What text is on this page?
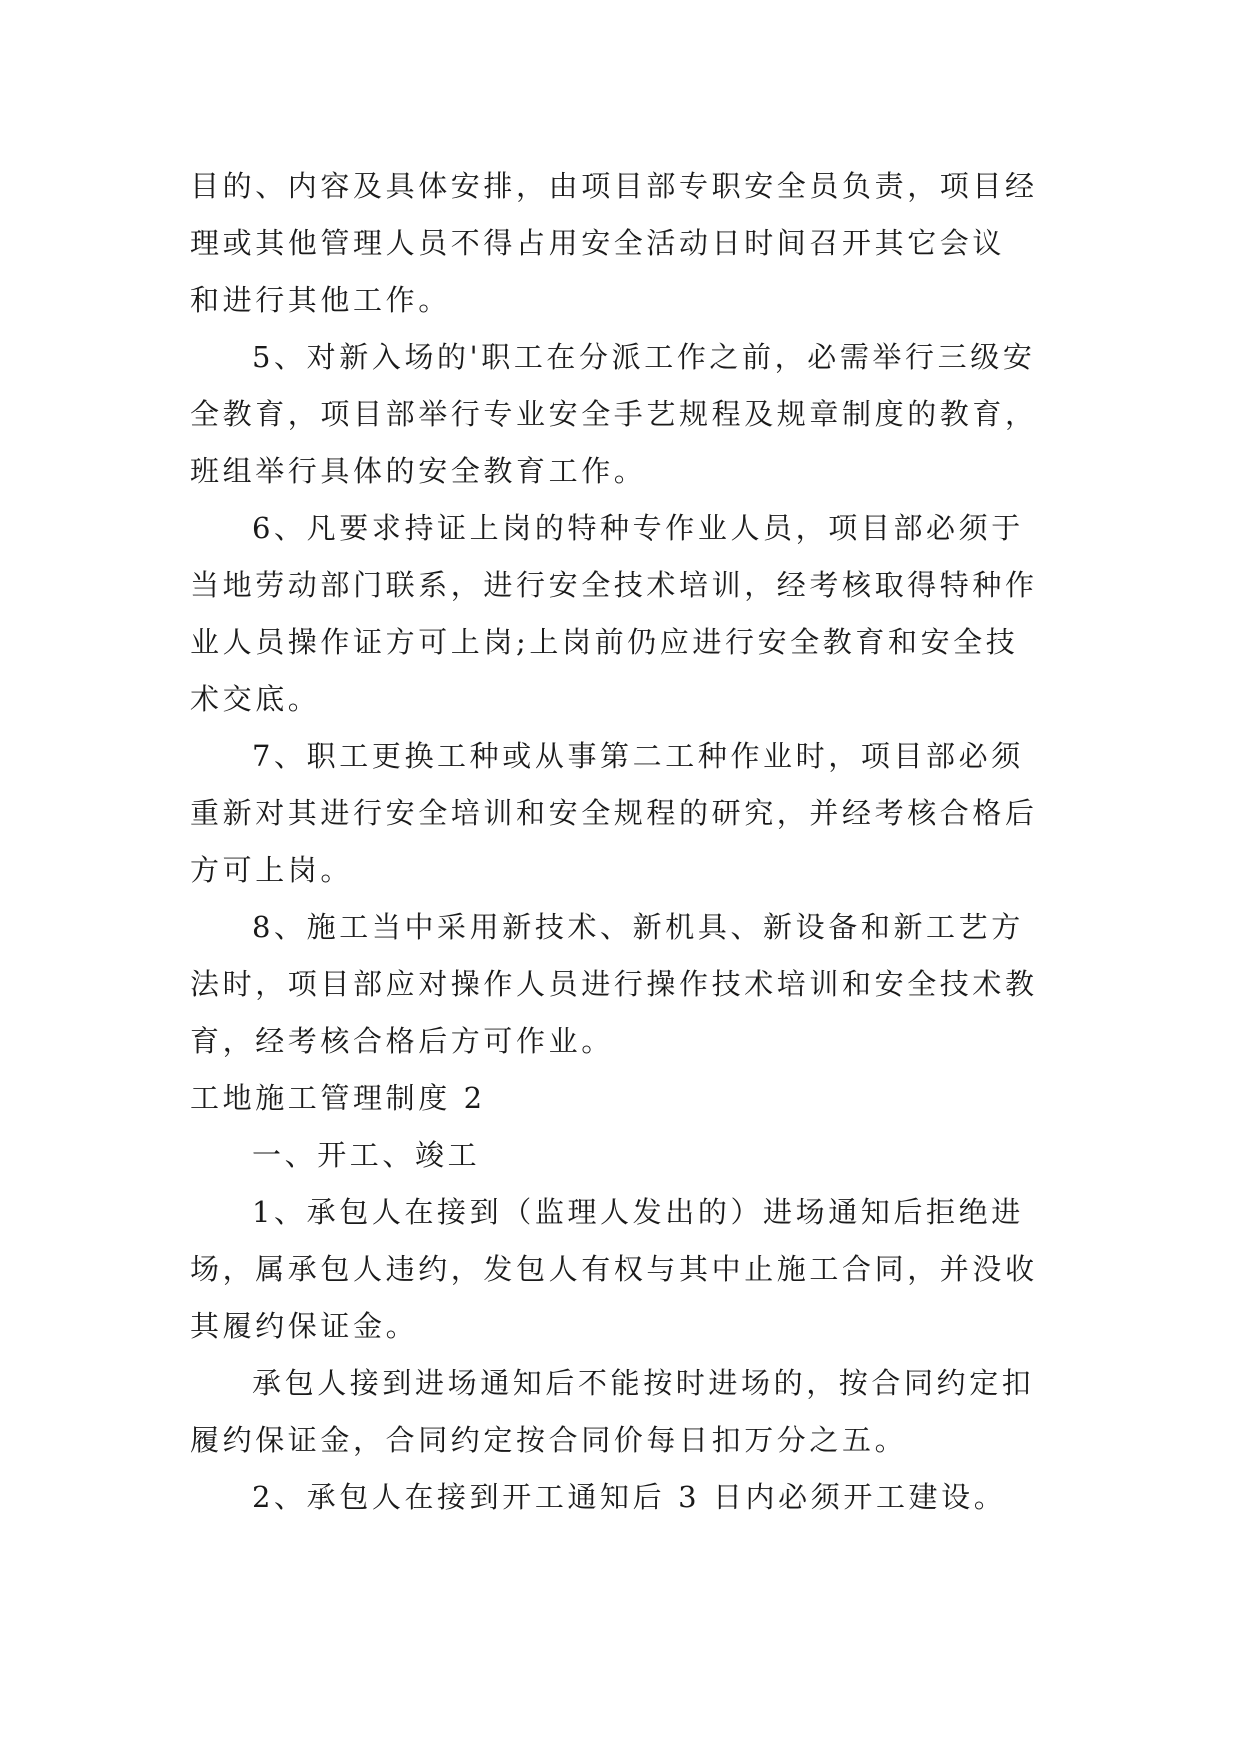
目的、内容及具体安排，由项目部专职安全员负责，项目经
理或其他管理人员不得占用安全活动日时间召开其它会议
和进行其他工作。
5、对新入场的'职工在分派工作之前，必需举行三级安
全教育，项目部举行专业安全手艺规程及规章制度的教育，
班组举行具体的安全教育工作。
6、凡要求持证上岗的特种专作业人员，项目部必须于
当地劳动部门联系，进行安全技术培训，经考核取得特种作
业人员操作证方可上岗;上岗前仍应进行安全教育和安全技
术交底。
7、职工更换工种或从事第二工种作业时，项目部必须
重新对其进行安全培训和安全规程的研究，并经考核合格后
方可上岗。
8、施工当中采用新技术、新机具、新设备和新工艺方
法时，项目部应对操作人员进行操作技术培训和安全技术教
育，经考核合格后方可作业。
工地施工管理制度 2
一、开工、竣工
1、承包人在接到（监理人发出的）进场通知后拒绝进
场，属承包人违约，发包人有权与其中止施工合同，并没收
其履约保证金。
承包人接到进场通知后不能按时进场的，按合同约定扣
履约保证金，合同约定按合同价每日扣万分之五。
2、承包人在接到开工通知后 3 日内必须开工建设。
